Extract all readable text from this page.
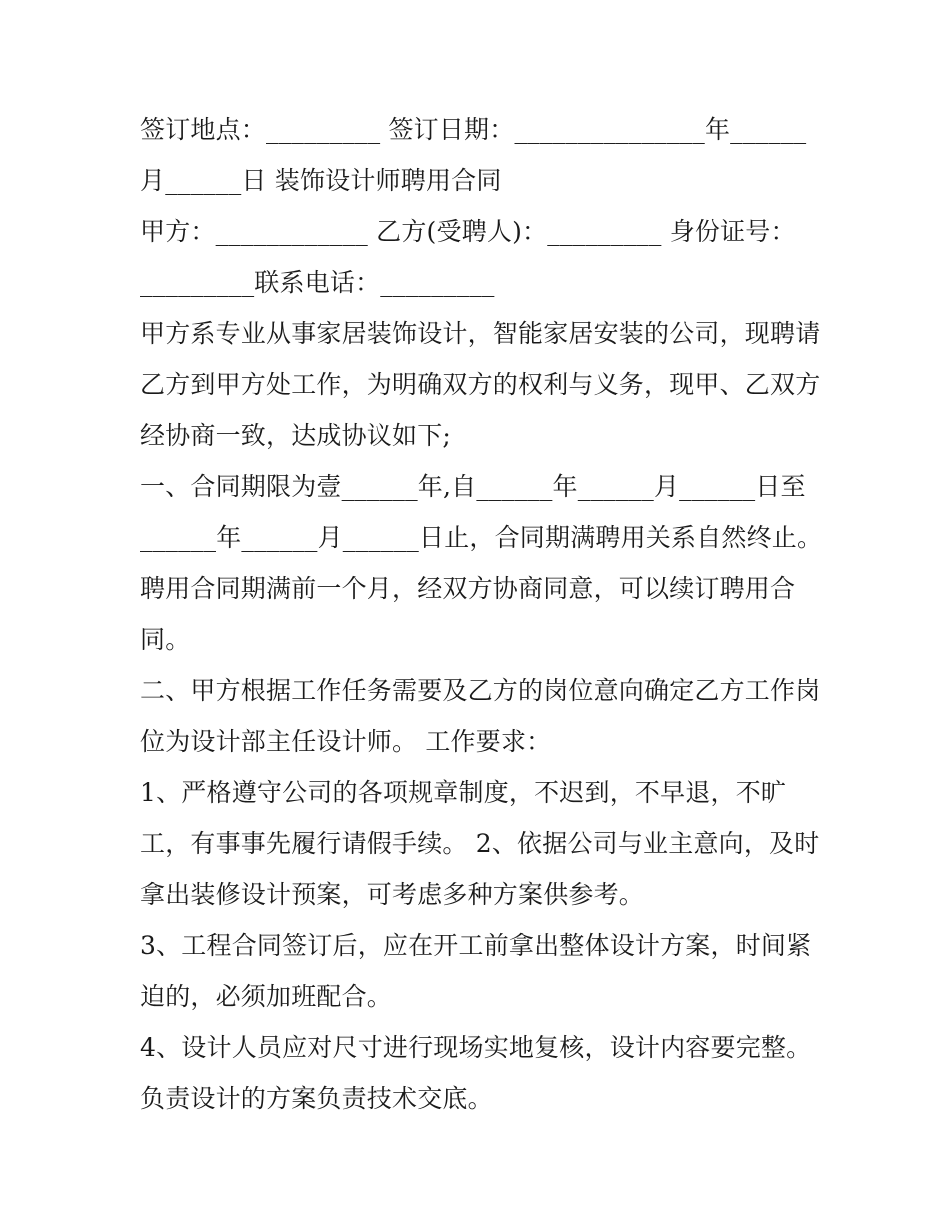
签订地点：_________ 签订日期：_______________年______
月______日 装饰设计师聘用合同
甲方：____________ 乙方(受聘人)：_________ 身份证号：
_________联系电话：_________
甲方系专业从事家居装饰设计，智能家居安装的公司，现聘请
乙方到甲方处工作，为明确双方的权利与义务，现甲、乙双方
经协商一致，达成协议如下;
一、合同期限为壹______年,自______年______月______日至
______年______月______日止，合同期满聘用关系自然终止。
聘用合同期满前一个月，经双方协商同意，可以续订聘用合
同。
二、甲方根据工作任务需要及乙方的岗位意向确定乙方工作岗
位为设计部主任设计师。 工作要求：
1、严格遵守公司的各项规章制度，不迟到，不早退，不旷
工，有事事先履行请假手续。 2、依据公司与业主意向，及时
拿出装修设计预案，可考虑多种方案供参考。
3、工程合同签订后，应在开工前拿出整体设计方案，时间紧
迫的，必须加班配合。
4、设计人员应对尺寸进行现场实地复核，设计内容要完整。
负责设计的方案负责技术交底。
